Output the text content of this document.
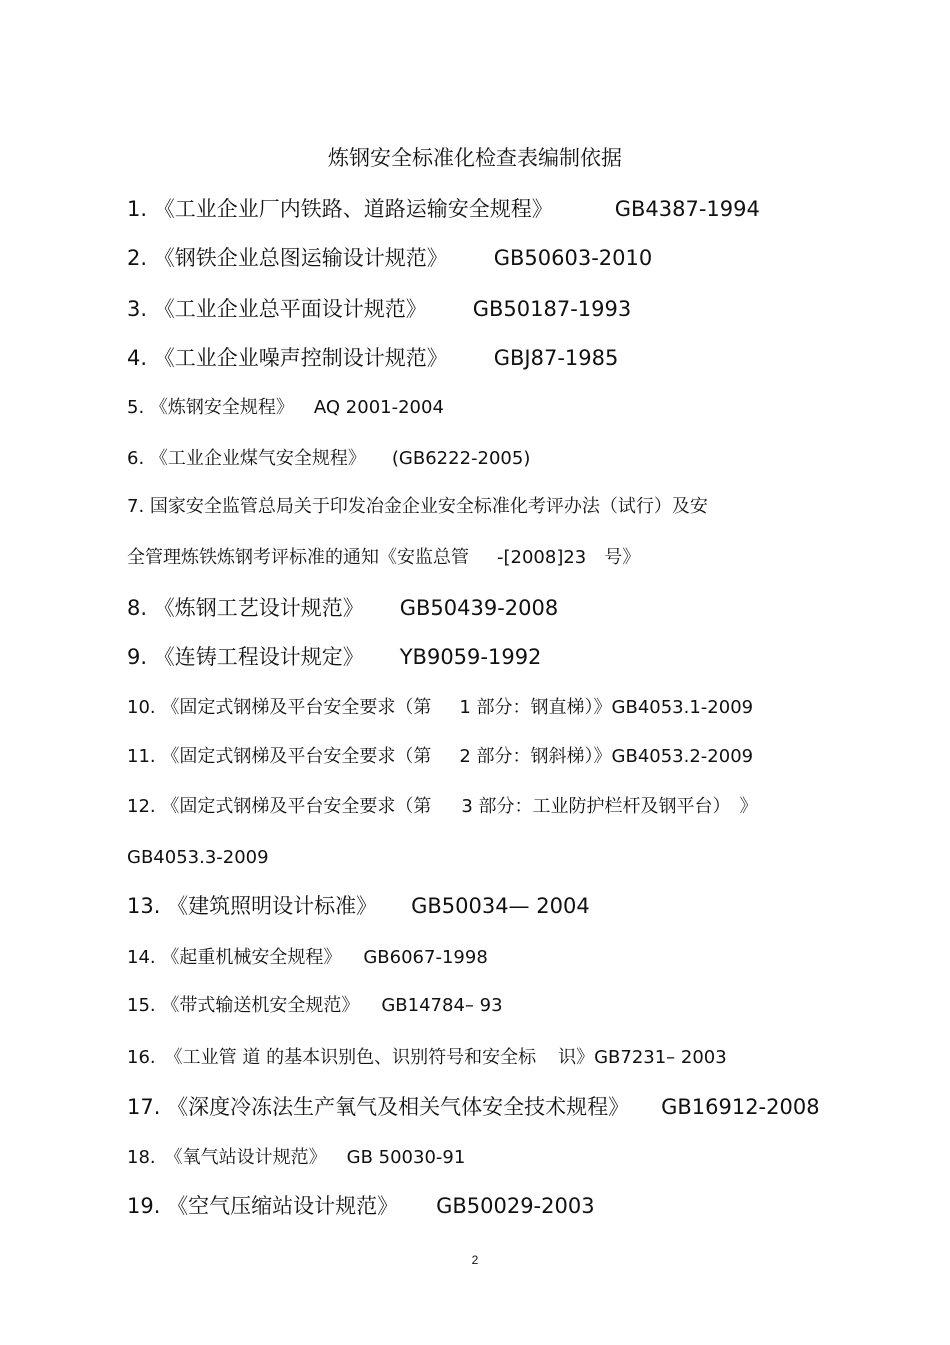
炼钢安全标准化检查表编制依据
1. 《工业企业厂内铁路、道路运输安全规程》	GB4387-1994
2. 《钢铁企业总图运输设计规范》 GB50603-2010
3. 《工业企业总平面设计规范》 GB50187-1993
4. 《工业企业噪声控制设计规范》 GBJ87-1985
5. 《炼钢安全规程》 AQ 2001-2004
6. 《工业企业煤气安全规程》 (GB6222-2005)
7. 国家安全监管总局关于印发冶金企业安全标准化考评办法（试行）及安
全管理炼铁炼钢考评标准的通知《安监总管 -[2008]23　号》
8. 《炼钢工艺设计规范》 GB50439-2008
9. 《连铸工程设计规定》 YB9059-1992
10. 《固定式钢梯及平台安全要求（第 1 部分：钢直梯）》GB4053.1-2009
11. 《固定式钢梯及平台安全要求（第 2 部分：钢斜梯）》GB4053.2-2009
12. 《固定式钢梯及平台安全要求（第 3 部分：工业防护栏杆及钢平台）　》
GB4053.3-2009
13. 《建筑照明设计标准》 GB50034— 2004
14. 《起重机械安全规程》 GB6067-1998
15. 《带式输送机安全规范》 GB14784– 93
16.　《工业管 道 的基本识别色、识别符号和安全标 识》GB7231– 2003
17. 《深度冷冻法生产氧气及相关气体安全技术规程》 GB16912-2008
18.　《氧气站设计规范》 GB 50030-91
19. 《空气压缩站设计规范》 GB50029-2003
2
